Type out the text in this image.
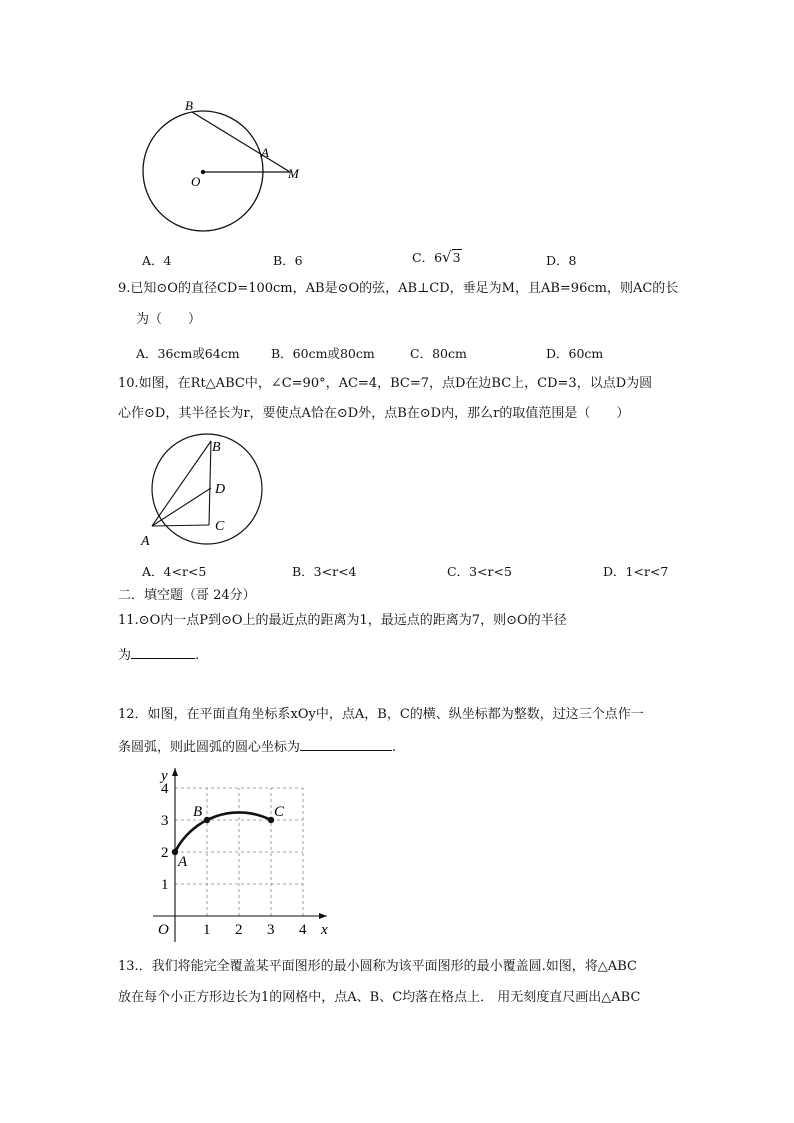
B
A
O
M
A．4	B．6	C．6√3	D．8
9.已知⊙O的直径CD=100cm，AB是⊙O的弦，AB⊥CD，垂足为M，且AB=96cm，则AC的长
为（　　）
A．36cm或64cm	B．60cm或80cm	C．80cm	D．60cm
10.如图，在Rt△ABC中，∠C=90°，AC=4，BC=7，点D在边BC上，CD=3，以点D为圆
心作⊙D，其半径长为r，要使点A恰在⊙D外，点B在⊙D内，那么r的取值范围是（　　）
B
D
C
A
A．4<r<5	B．3<r<4	C．3<r<5	D．1<r<7
二．填空题（哥 24分）
11.⊙O内一点P到⊙O上的最近点的距离为1，最远点的距离为7，则⊙O的半径
为	.
12．如图，在平面直角坐标系xOy中，点A，B，C的横、纵坐标都为整数，过这三个点作一
条圆弧，则此圆弧的圆心坐标为	.
1 2 3 4
1
2
3
4
O	x
y
A
B	C
13.．我们将能完全覆盖某平面图形的最小圆称为该平面图形的最小覆盖圆.如图，将△ABC
放在每个小正方形边长为1的网格中，点A、B、C均落在格点上． 用无刻度直尺画出△ABC
